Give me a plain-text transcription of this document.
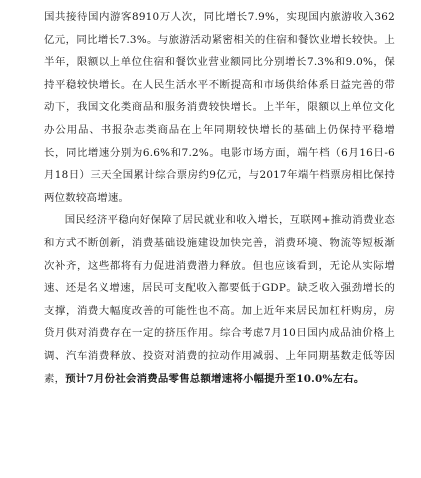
国共接待国内游客8910万人次，同比增长7.9%，实现国内旅游收入362亿元，同比增长7.3%。与旅游活动紧密相关的住宿和餐饮业增长较快。上半年，限额以上单位住宿和餐饮业营业额同比分别增长7.3%和9.0%，保持平稳较快增长。在人民生活水平不断提高和市场供给体系日益完善的带动下，我国文化类商品和服务消费较快增长。上半年，限额以上单位文化办公用品、书报杂志类商品在上年同期较快增长的基础上仍保持平稳增长，同比增速分别为6.6%和7.2%。电影市场方面，端午档（6月16日-6月18日）三天全国累计综合票房约9亿元，与2017年端午档票房相比保持两位数较高增速。

国民经济平稳向好保障了居民就业和收入增长，互联网+推动消费业态和方式不断创新，消费基础设施建设加快完善，消费环境、物流等短板渐次补齐，这些都将有力促进消费潜力释放。但也应该看到，无论从实际增速、还是名义增速，居民可支配收入都要低于GDP。缺乏收入强劲增长的支撑，消费大幅度改善的可能性也不高。加上近年来居民加杠杆购房，房贷月供对消费存在一定的挤压作用。综合考虑7月10日国内成品油价格上调、汽车消费释放、投资对消费的拉动作用减弱、上年同期基数走低等因素，预计7月份社会消费品零售总额增速将小幅提升至10.0%左右。
